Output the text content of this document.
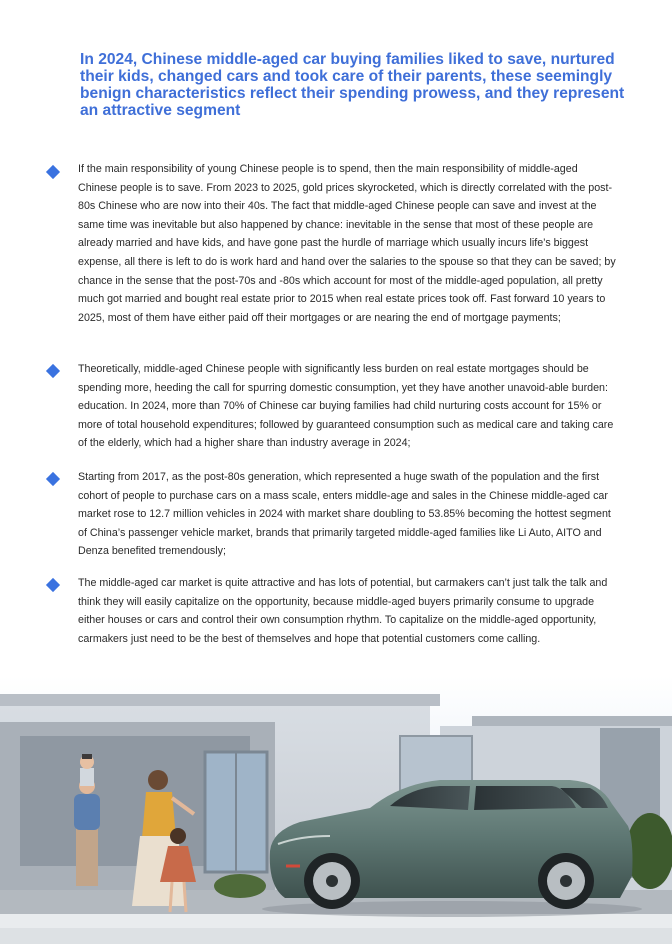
In 2024, Chinese middle-aged car buying families liked to save, nurtured their kids, changed cars and took care of their parents, these seemingly benign characteristics reflect their spending prowess, and they represent an attractive segment

If the main responsibility of young Chinese people is to spend, then the main responsibility of middle-aged Chinese people is to save. From 2023 to 2025, gold prices skyrocketed, which is directly correlated with the post-80s Chinese who are now into their 40s. The fact that middle-aged Chinese people can save and invest at the same time was inevitable but also happened by chance: inevitable in the sense that most of these people are already married and have kids, and have gone past the hurdle of marriage which usually incurs life’s biggest expense, all there is left to do is work hard and hand over the salaries to the spouse so that they can be saved; by chance in the sense that the post-70s and -80s which account for most of the middle-aged population, all pretty much got married and bought real estate prior to 2015 when real estate prices took off. Fast forward 10 years to 2025, most of them have either paid off their mortgages or are nearing the end of mortgage payments;

Theoretically, middle-aged Chinese people with significantly less burden on real estate mortgages should be spending more, heeding the call for spurring domestic consumption, yet they have another unavoid-able burden: education. In 2024, more than 70% of Chinese car buying families had child nurturing costs account for 15% or more of total household expenditures; followed by guaranteed consumption such as medical care and taking care of the elderly, which had a higher share than industry average in 2024;

Starting from 2017, as the post-80s generation, which represented a huge swath of the population and the first cohort of people to purchase cars on a mass scale, enters middle-age and sales in the Chinese middle-aged car market rose to 12.7 million vehicles in 2024 with market share doubling to 53.85% becoming the hottest segment of China’s passenger vehicle market, brands that primarily targeted middle-aged families like Li Auto, AITO and Denza benefited tremendously;

The middle-aged car market is quite attractive and has lots of potential, but carmakers can’t just talk the talk and think they will easily capitalize on the opportunity, because middle-aged buyers primarily consume to upgrade either houses or cars and control their own consumption rhythm. To capitalize on the middle-aged opportunity, carmakers just need to be the best of themselves and hope that potential customers come calling.
